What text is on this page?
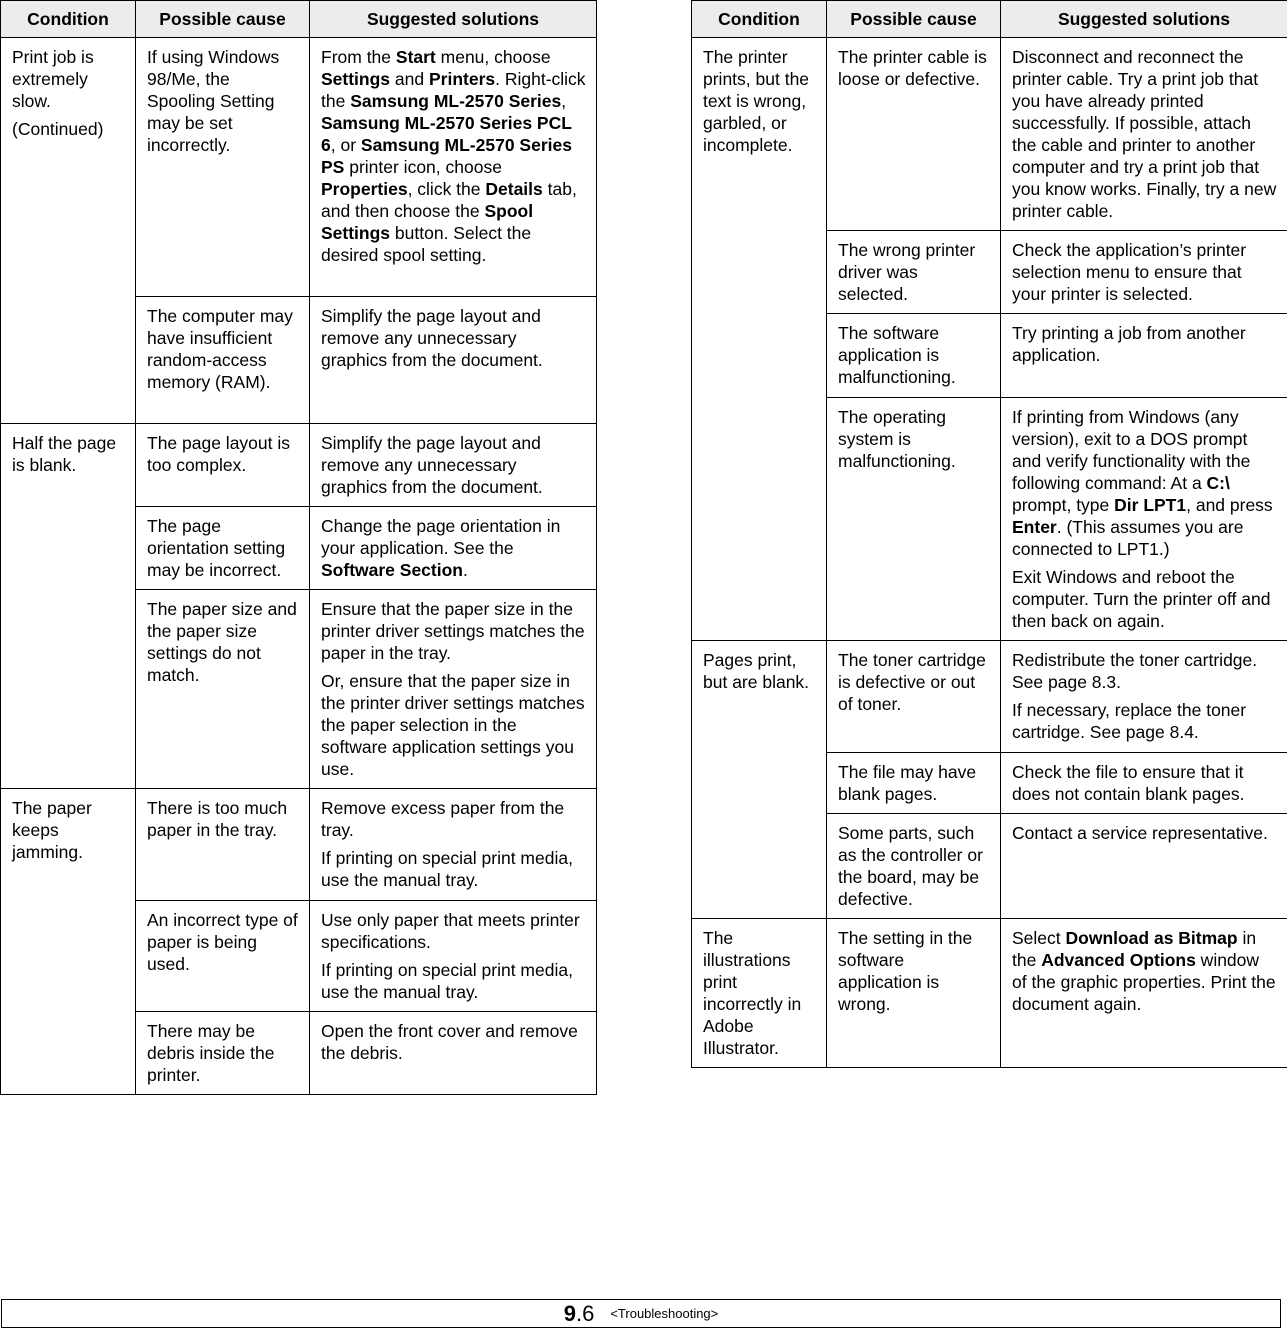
Condition	Possible cause	Suggested solutions

Print job is extremely slow.

(Continued)	If using Windows 98/Me, the Spooling Setting may be set incorrectly.	From the Start menu, choose Settings and Printers. Right-click the Samsung ML-2570 Series, Samsung ML-2570 Series PCL 6, or Samsung ML-2570 Series PS printer icon, choose Properties, click the Details tab, and then choose the Spool Settings button. Select the desired spool setting.

	The computer may have insufficient random-access memory (RAM).	Simplify the page layout and remove any unnecessary graphics from the document.
Half the page is blank.	The page layout is too complex.	Simplify the page layout and remove any unnecessary graphics from the document.
	The page orientation setting may be incorrect.	Change the page orientation in your application. See the Software Section.

	The paper size and the paper size settings do not match.	Ensure that the paper size in the printer driver settings matches the paper in the tray.

Or, ensure that the paper size in the printer driver settings matches the paper selection in the software application settings you use.

The paper keeps jamming.	There is too much paper in the tray.	Remove excess paper from the tray.

If printing on special print media, use the manual tray.

	An incorrect type of paper is being used.	Use only paper that meets printer specifications.

If printing on special print media, use the manual tray.

	There may be debris inside the printer.	Open the front cover and remove the debris.
Condition	Possible cause	Suggested solutions
The printer prints, but the text is wrong, garbled, or incomplete.	The printer cable is loose or defective.	Disconnect and reconnect the printer cable. Try a print job that you have already printed successfully. If possible, attach the cable and printer to another computer and try a print job that you know works. Finally, try a new printer cable.
	The wrong printer driver was selected.	Check the application’s printer selection menu to ensure that your printer is selected.
	The software application is malfunctioning.	Try printing a job from another application.
	The operating system is malfunctioning.	If printing from Windows (any version), exit to a DOS prompt and verify functionality with the following command: At a C:\ prompt, type Dir LPT1, and press Enter. (This assumes you are connected to LPT1.)

Exit Windows and reboot the computer. Turn the printer off and then back on again.

Pages print, but are blank.	The toner cartridge is defective or out of toner.	Redistribute the toner cartridge. See page 8.3.

If necessary, replace the toner cartridge. See page 8.4.

	The file may have blank pages.	Check the file to ensure that it does not contain blank pages.
	Some parts, such as the controller or the board, may be defective.	Contact a service representative.
The illustrations print incorrectly in Adobe Illustrator.	The setting in the software application is wrong.	Select Download as Bitmap in the Advanced Options window of the graphic properties. Print the document again.

9.6 <Troubleshooting>
